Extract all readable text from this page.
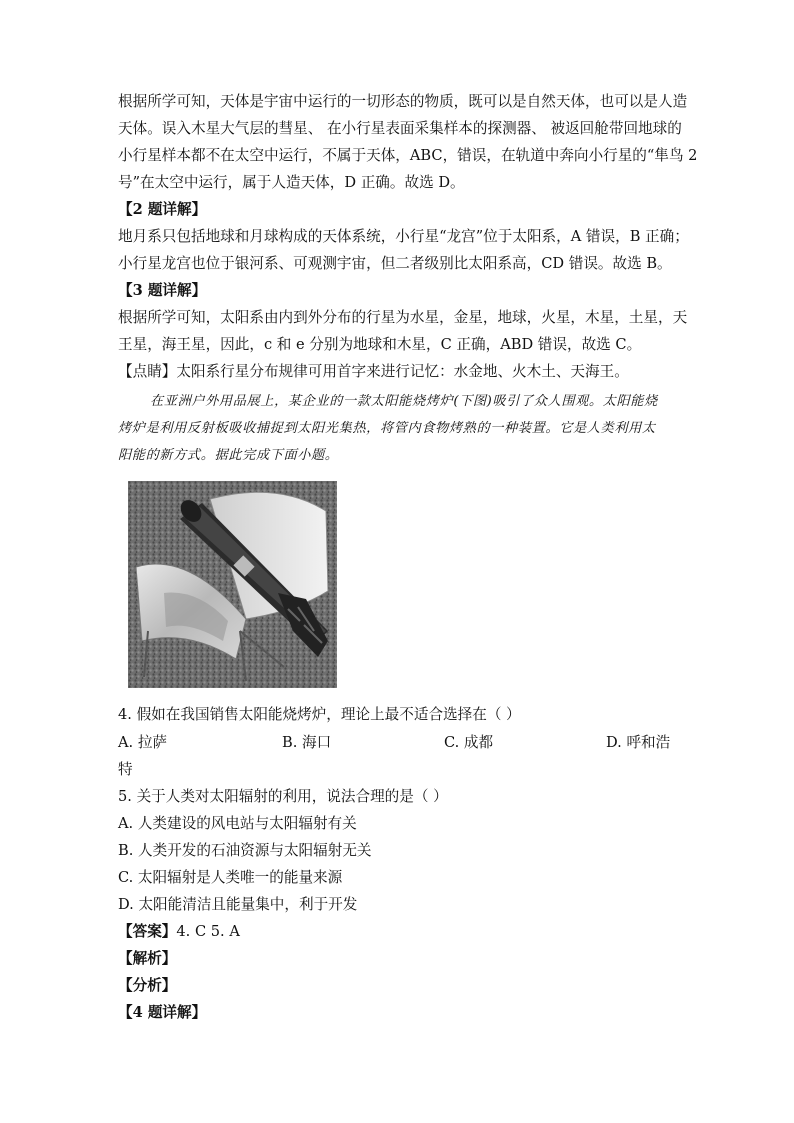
根据所学可知，天体是宇宙中运行的一切形态的物质，既可以是自然天体，也可以是人造
天体。误入木星大气层的彗星、 在小行星表面采集样本的探测器、 被返回舱带回地球的
小行星样本都不在太空中运行，不属于天体，ABC，错误，在轨道中奔向小行星的“隼鸟 2
号”在太空中运行，属于人造天体，D 正确。故选 D。
【2 题详解】
地月系只包括地球和月球构成的天体系统，小行星“龙宫”位于太阳系，A 错误，B 正确；
小行星龙宫也位于银河系、可观测宇宙，但二者级别比太阳系高，CD 错误。故选 B。
【3 题详解】
根据所学可知，太阳系由内到外分布的行星为水星，金星，地球，火星，木星，土星，天
王星，海王星，因此，c 和 e 分别为地球和木星，C 正确，ABD 错误，故选 C。
【点睛】太阳系行星分布规律可用首字来进行记忆：水金地、火木土、天海王。
在亚洲户外用品展上，某企业的一款太阳能烧烤炉(下图)吸引了众人围观。太阳能烧
烤炉是利用反射板吸收捕捉到太阳光集热，将管内食物烤熟的一种装置。它是人类利用太
阳能的新方式。据此完成下面小题。
4. 假如在我国销售太阳能烧烤炉，理论上最不适合选择在（ ）
A. 拉萨	B. 海口	C. 成都	D. 呼和浩
特
5. 关于人类对太阳辐射的利用，说法合理的是（ ）
A. 人类建设的风电站与太阳辐射有关
B. 人类开发的石油资源与太阳辐射无关
C. 太阳辐射是人类唯一的能量来源
D. 太阳能清洁且能量集中，利于开发
【答案】4. C 5. A
【解析】
【分析】
【4 题详解】
